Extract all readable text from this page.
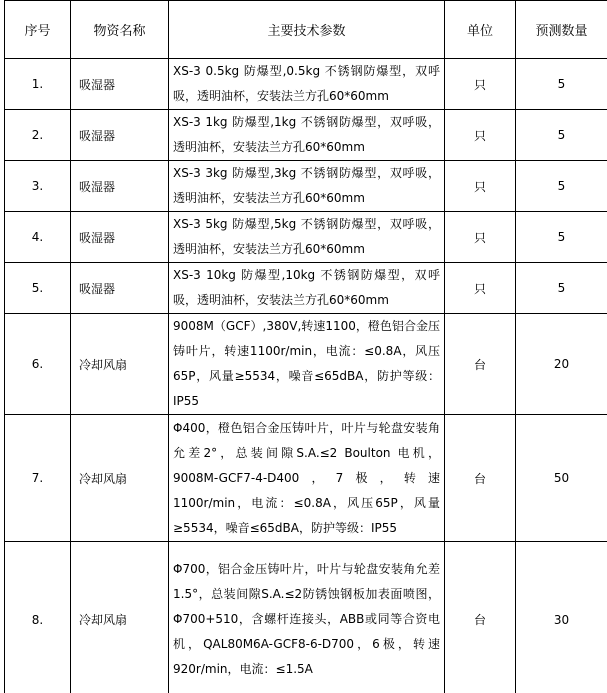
序号	物资名称	主要技术参数	单位	预测数量
1.	吸湿器	XS-3 0.5kg 防爆型,0.5kg 不锈钢防爆型，双呼吸，透明油杯，安装法兰方孔60*60mm	只	5
2.	吸湿器	XS-3 1kg 防爆型,1kg 不锈钢防爆型，双呼吸，透明油杯，安装法兰方孔60*60mm	只	5
3.	吸湿器	XS-3 3kg 防爆型,3kg 不锈钢防爆型，双呼吸，透明油杯，安装法兰方孔60*60mm	只	5
4.	吸湿器	XS-3 5kg 防爆型,5kg 不锈钢防爆型，双呼吸，透明油杯，安装法兰方孔60*60mm	只	5
5.	吸湿器	XS-3 10kg 防爆型,10kg 不锈钢防爆型，双呼吸，透明油杯，安装法兰方孔60*60mm	只	5
6.	冷却风扇	9008M（GCF）,380V,转速1100，橙色铝合金压铸叶片，转速1100r/min，电流：≤0.8A，风压65P，风量≥5534，噪音≤65dBA，防护等级：IP55	台	20
7.	冷却风扇	Φ400，橙色铝合金压铸叶片，叶片与轮盘安装角允差2°，总装间隙S.A.≤2 Boulton 电机，9008M-GCF7-4-D400，7极，转速1100r/min，电流：≤0.8A，风压65P，风量≥5534，噪音≤65dBA，防护等级：IP55	台	50
8.	冷却风扇	Φ700，铝合金压铸叶片，叶片与轮盘安装角允差1.5°，总装间隙S.A.≤2防锈蚀钢板加表面喷图，Φ700+510，含螺杆连接头，ABB或同等合资电机，QAL80M6A-GCF8-6-D700，6极，转速920r/min，电流：≤1.5A	台	30
